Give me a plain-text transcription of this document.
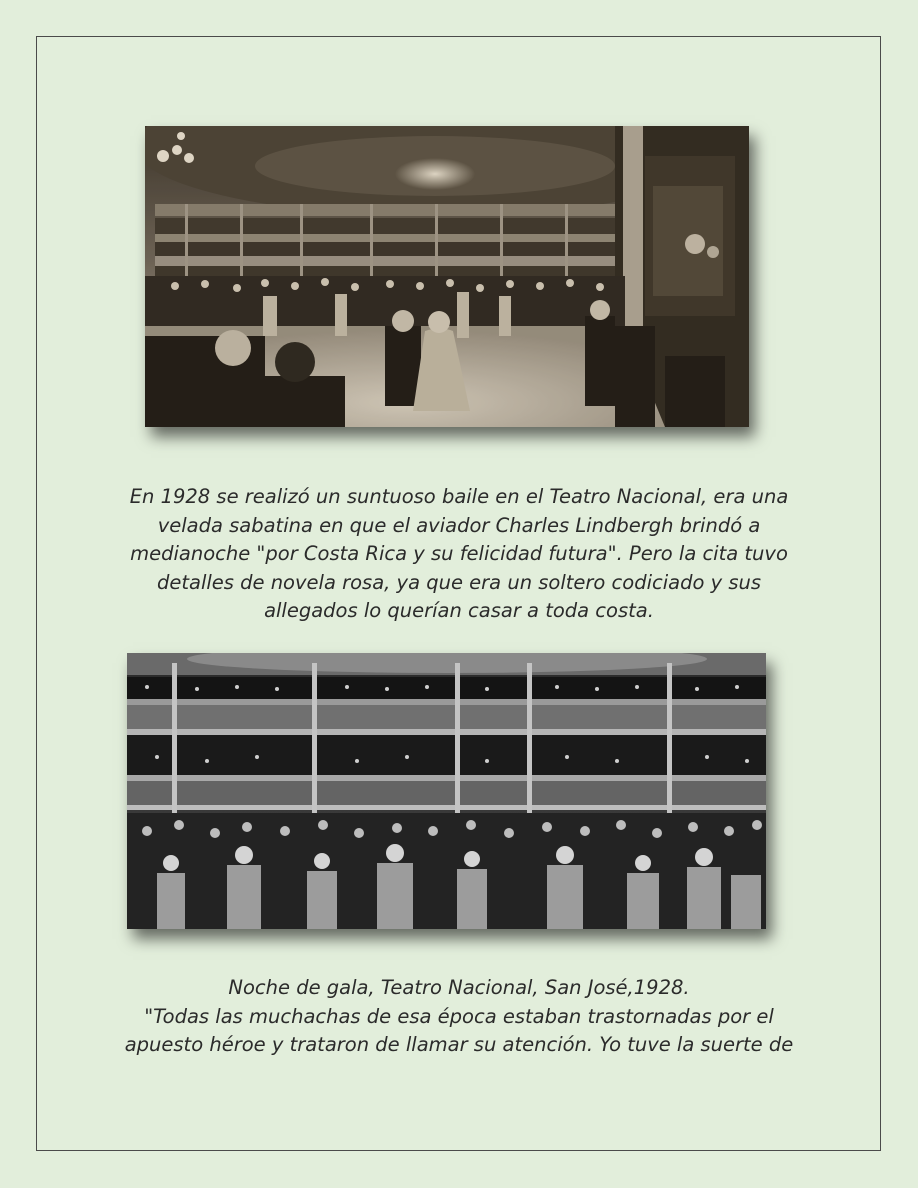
En 1928 se realizó un suntuoso baile en el Teatro Nacional, era una
velada sabatina en que el aviador Charles Lindbergh brindó a
medianoche "por Costa Rica y su felicidad futura". Pero la cita tuvo
detalles de novela rosa, ya que era un soltero codiciado y sus
allegados lo querían casar a toda costa.

Noche de gala, Teatro Nacional, San José,1928.
"Todas las muchachas de esa época estaban trastornadas por el
apuesto héroe y trataron de llamar su atención. Yo tuve la suerte de
